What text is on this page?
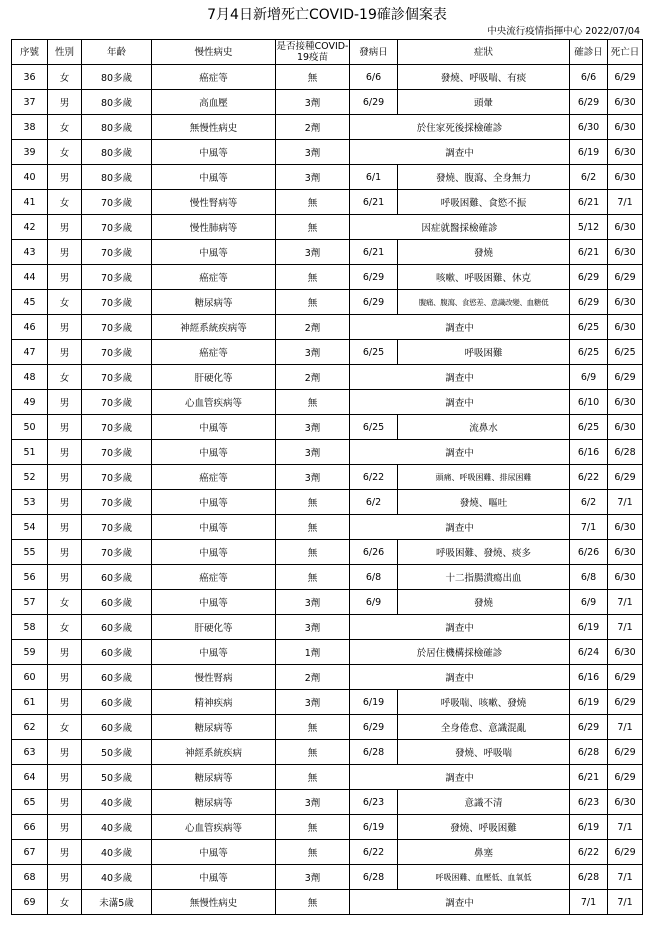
7月4日新增死亡COVID-19確診個案表
中央流行疫情指揮中心 2022/07/04
序號	性別	年齡	慢性病史	是否接種COVID-19疫苗	發病日	症狀	確診日	死亡日
36	女	80多歲	癌症等	無	6/6	發燒、呼吸喘、有痰	6/6	6/29
37	男	80多歲	高血壓	3劑	6/29	頭暈	6/29	6/30
38	女	80多歲	無慢性病史	2劑	於住家死後採檢確診		6/30	6/30
39	女	80多歲	中風等	3劑	調查中		6/19	6/30
40	男	80多歲	中風等	3劑	6/1	發燒、腹瀉、全身無力	6/2	6/30
41	女	70多歲	慢性腎病等	無	6/21	呼吸困難、食慾不振	6/21	7/1
42	男	70多歲	慢性肺病等	無	因症就醫採檢確診		5/12	6/30
43	男	70多歲	中風等	3劑	6/21	發燒	6/21	6/30
44	男	70多歲	癌症等	無	6/29	咳嗽、呼吸困難、休克	6/29	6/29
45	女	70多歲	糖尿病等	無	6/29	腹痛、腹瀉、食慾差、意識改變、血糖低	6/29	6/30
46	男	70多歲	神經系統疾病等	2劑	調查中		6/25	6/30
47	男	70多歲	癌症等	3劑	6/25	呼吸困難	6/25	6/25
48	女	70多歲	肝硬化等	2劑	調查中		6/9	6/29
49	男	70多歲	心血管疾病等	無	調查中		6/10	6/30
50	男	70多歲	中風等	3劑	6/25	流鼻水	6/25	6/30
51	男	70多歲	中風等	3劑	調查中		6/16	6/28
52	男	70多歲	癌症等	3劑	6/22	頭痛、呼吸困難、排尿困難	6/22	6/29
53	男	70多歲	中風等	無	6/2	發燒、嘔吐	6/2	7/1
54	男	70多歲	中風等	無	調查中		7/1	6/30
55	男	70多歲	中風等	無	6/26	呼吸困難、發燒、痰多	6/26	6/30
56	男	60多歲	癌症等	無	6/8	十二指腸潰瘍出血	6/8	6/30
57	女	60多歲	中風等	3劑	6/9	發燒	6/9	7/1
58	女	60多歲	肝硬化等	3劑	調查中		6/19	7/1
59	男	60多歲	中風等	1劑	於居住機構採檢確診		6/24	6/30
60	男	60多歲	慢性腎病	2劑	調查中		6/16	6/29
61	男	60多歲	精神疾病	3劑	6/19	呼吸喘、咳嗽、發燒	6/19	6/29
62	女	60多歲	糖尿病等	無	6/29	全身倦怠、意識混亂	6/29	7/1
63	男	50多歲	神經系統疾病	無	6/28	發燒、呼吸喘	6/28	6/29
64	男	50多歲	糖尿病等	無	調查中		6/21	6/29
65	男	40多歲	糖尿病等	3劑	6/23	意識不清	6/23	6/30
66	男	40多歲	心血管疾病等	無	6/19	發燒、呼吸困難	6/19	7/1
67	男	40多歲	中風等	無	6/22	鼻塞	6/22	6/29
68	男	40多歲	中風等	3劑	6/28	呼吸困難、血壓低、血氧低	6/28	7/1
69	女	未滿5歲	無慢性病史	無	調查中		7/1	7/1
